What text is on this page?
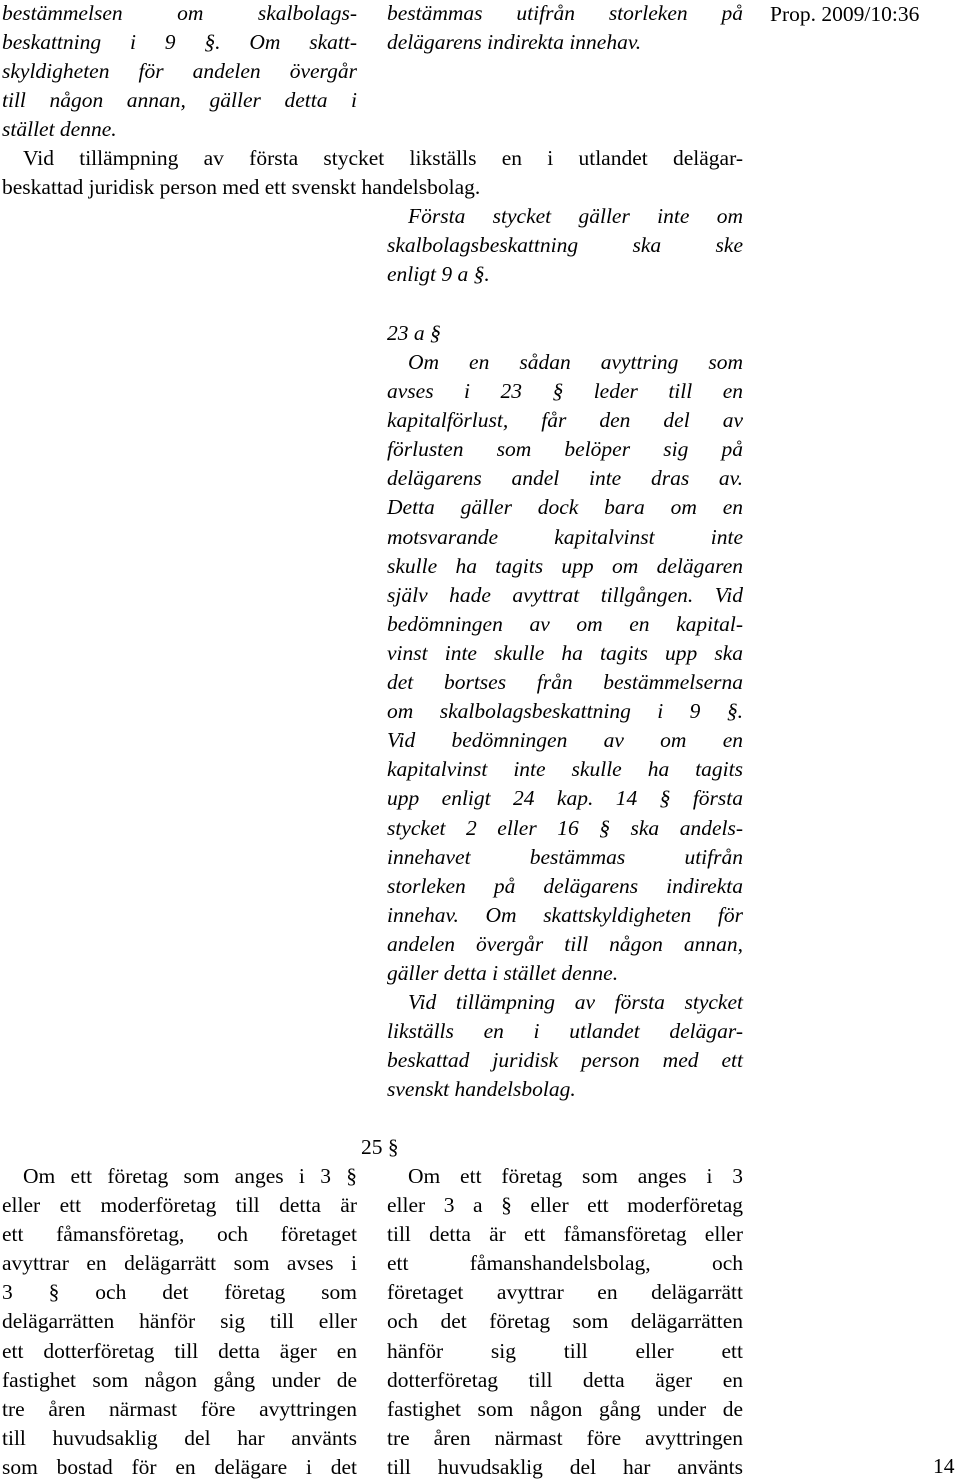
Prop. 2009/10:36
bestämmelsen om skalbolags-
beskattning i 9 §. Om skatt-
skyldigheten för andelen övergår
till någon annan, gäller detta i
stället denne.
bestämmas utifrån storleken på
delägarens indirekta innehav.
Vid tillämpning av första stycket likställs en i utlandet delägar-
beskattad juridisk person med ett svenskt handelsbolag.
Första stycket gäller inte om
skalbolagsbeskattning ska ske
enligt 9 a §.
23 a §
Om en sådan avyttring som
avses i 23 § leder till en
kapitalförlust, får den del av
förlusten som belöper sig på
delägarens andel inte dras av.
Detta gäller dock bara om en
motsvarande kapitalvinst inte
skulle ha tagits upp om delägaren
själv hade avyttrat tillgången. Vid
bedömningen av om en kapital-
vinst inte skulle ha tagits upp ska
det bortses från bestämmelserna
om skalbolagsbeskattning i 9 §.
Vid bedömningen av om en
kapitalvinst inte skulle ha tagits
upp enligt 24 kap. 14 § första
stycket 2 eller 16 § ska andels-
innehavet bestämmas utifrån
storleken på delägarens indirekta
innehav. Om skattskyldigheten för
andelen övergår till någon annan,
gäller detta i stället denne.
Vid tillämpning av första stycket
likställs en i utlandet delägar-
beskattad juridisk person med ett
svenskt handelsbolag.
25 §
Om ett företag som anges i 3 §
eller ett moderföretag till detta är
ett fåmansföretag, och företaget
avyttrar en delägarrätt som avses i
3 § och det företag som
delägarrätten hänför sig till eller
ett dotterföretag till detta äger en
fastighet som någon gång under de
tre åren närmast före avyttringen
till huvudsaklig del har använts
som bostad för en delägare i det
Om ett företag som anges i 3
eller 3 a § eller ett moderföretag
till detta är ett fåmansföretag eller
ett fåmanshandelsbolag, och
företaget avyttrar en delägarrätt
och det företag som delägarrätten
hänför sig till eller ett
dotterföretag till detta äger en
fastighet som någon gång under de
tre åren närmast före avyttringen
till huvudsaklig del har använts	14
